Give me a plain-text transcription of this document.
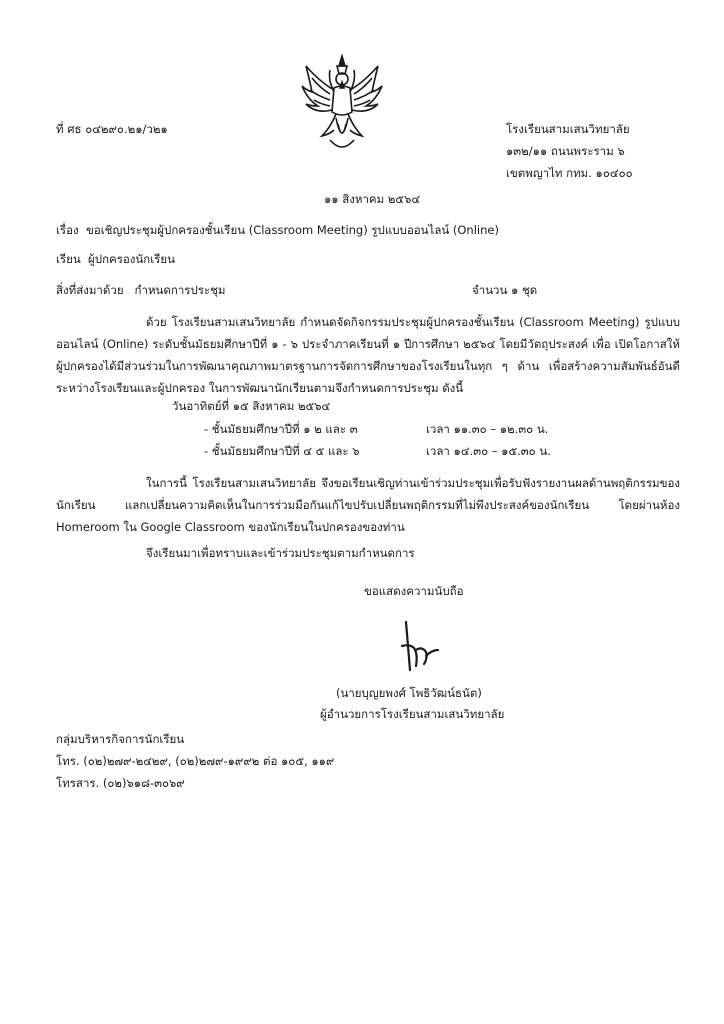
ที่ ศธ ๐๔๒๙๐.๒๑/ว๒๑	โรงเรียนสามเสนวิทยาลัย
๑๓๒/๑๑ ถนนพระราม ๖
เขตพญาไท กทม. ๑๐๔๐๐
๑๑ สิงหาคม ๒๕๖๔
เรื่อง ขอเชิญประชุมผู้ปกครองชั้นเรียน (Classroom Meeting) รูปแบบออนไลน์ (Online)
เรียน ผู้ปกครองนักเรียน
สิ่งที่ส่งมาด้วย กำหนดการประชุม	จำนวน ๑ ชุด
ด้วย โรงเรียนสามเสนวิทยาลัย กำหนดจัดกิจกรรมประชุมผู้ปกครองชั้นเรียน (Classroom Meeting) รูปแบบออนไลน์ (Online) ระดับชั้นมัธยมศึกษาปีที่ ๑ - ๖ ประจำภาคเรียนที่ ๑ ปีการศึกษา ๒๕๖๔ โดยมีวัตถุประสงค์ เพื่อ เปิดโอกาสให้ผู้ปกครองได้มีส่วนร่วมในการพัฒนาคุณภาพมาตรฐานการจัดการศึกษาของโรงเรียนในทุก ๆ ด้าน เพื่อสร้างความสัมพันธ์อันดีระหว่างโรงเรียนและผู้ปกครอง ในการพัฒนานักเรียนตามจึงกำหนดการประชุม ดังนี้
วันอาทิตย์ที่ ๑๕ สิงหาคม ๒๕๖๔
- ชั้นมัธยมศึกษาปีที่ ๑ ๒ และ ๓	เวลา ๑๑.๓๐ – ๑๒.๓๐ น.
- ชั้นมัธยมศึกษาปีที่ ๔ ๕ และ ๖	เวลา ๑๔.๓๐ – ๑๕.๓๐ น.
ในการนี้ โรงเรียนสามเสนวิทยาลัย จึงขอเรียนเชิญท่านเข้าร่วมประชุมเพื่อรับฟังรายงานผลด้านพฤติกรรมของนักเรียน แลกเปลี่ยนความคิดเห็นในการร่วมมือกันแก้ไขปรับเปลี่ยนพฤติกรรมที่ไม่พึงประสงค์ของนักเรียน โดยผ่านห้อง Homeroom ใน Google Classroom ของนักเรียนในปกครองของท่าน
จึงเรียนมาเพื่อทราบและเข้าร่วมประชุมตามกำหนดการ
ขอแสดงความนับถือ
(นายบุญยพงศ์ โพธิวัฒน์ธนัต)
ผู้อำนวยการโรงเรียนสามเสนวิทยาลัย
กลุ่มบริหารกิจการนักเรียน
โทร. (๐๒)๒๗๙-๒๔๒๙, (๐๒)๒๗๙-๑๙๙๒ ต่อ ๑๐๕, ๑๑๙
โทรสาร. (๐๒)๖๑๘-๓๐๖๙
